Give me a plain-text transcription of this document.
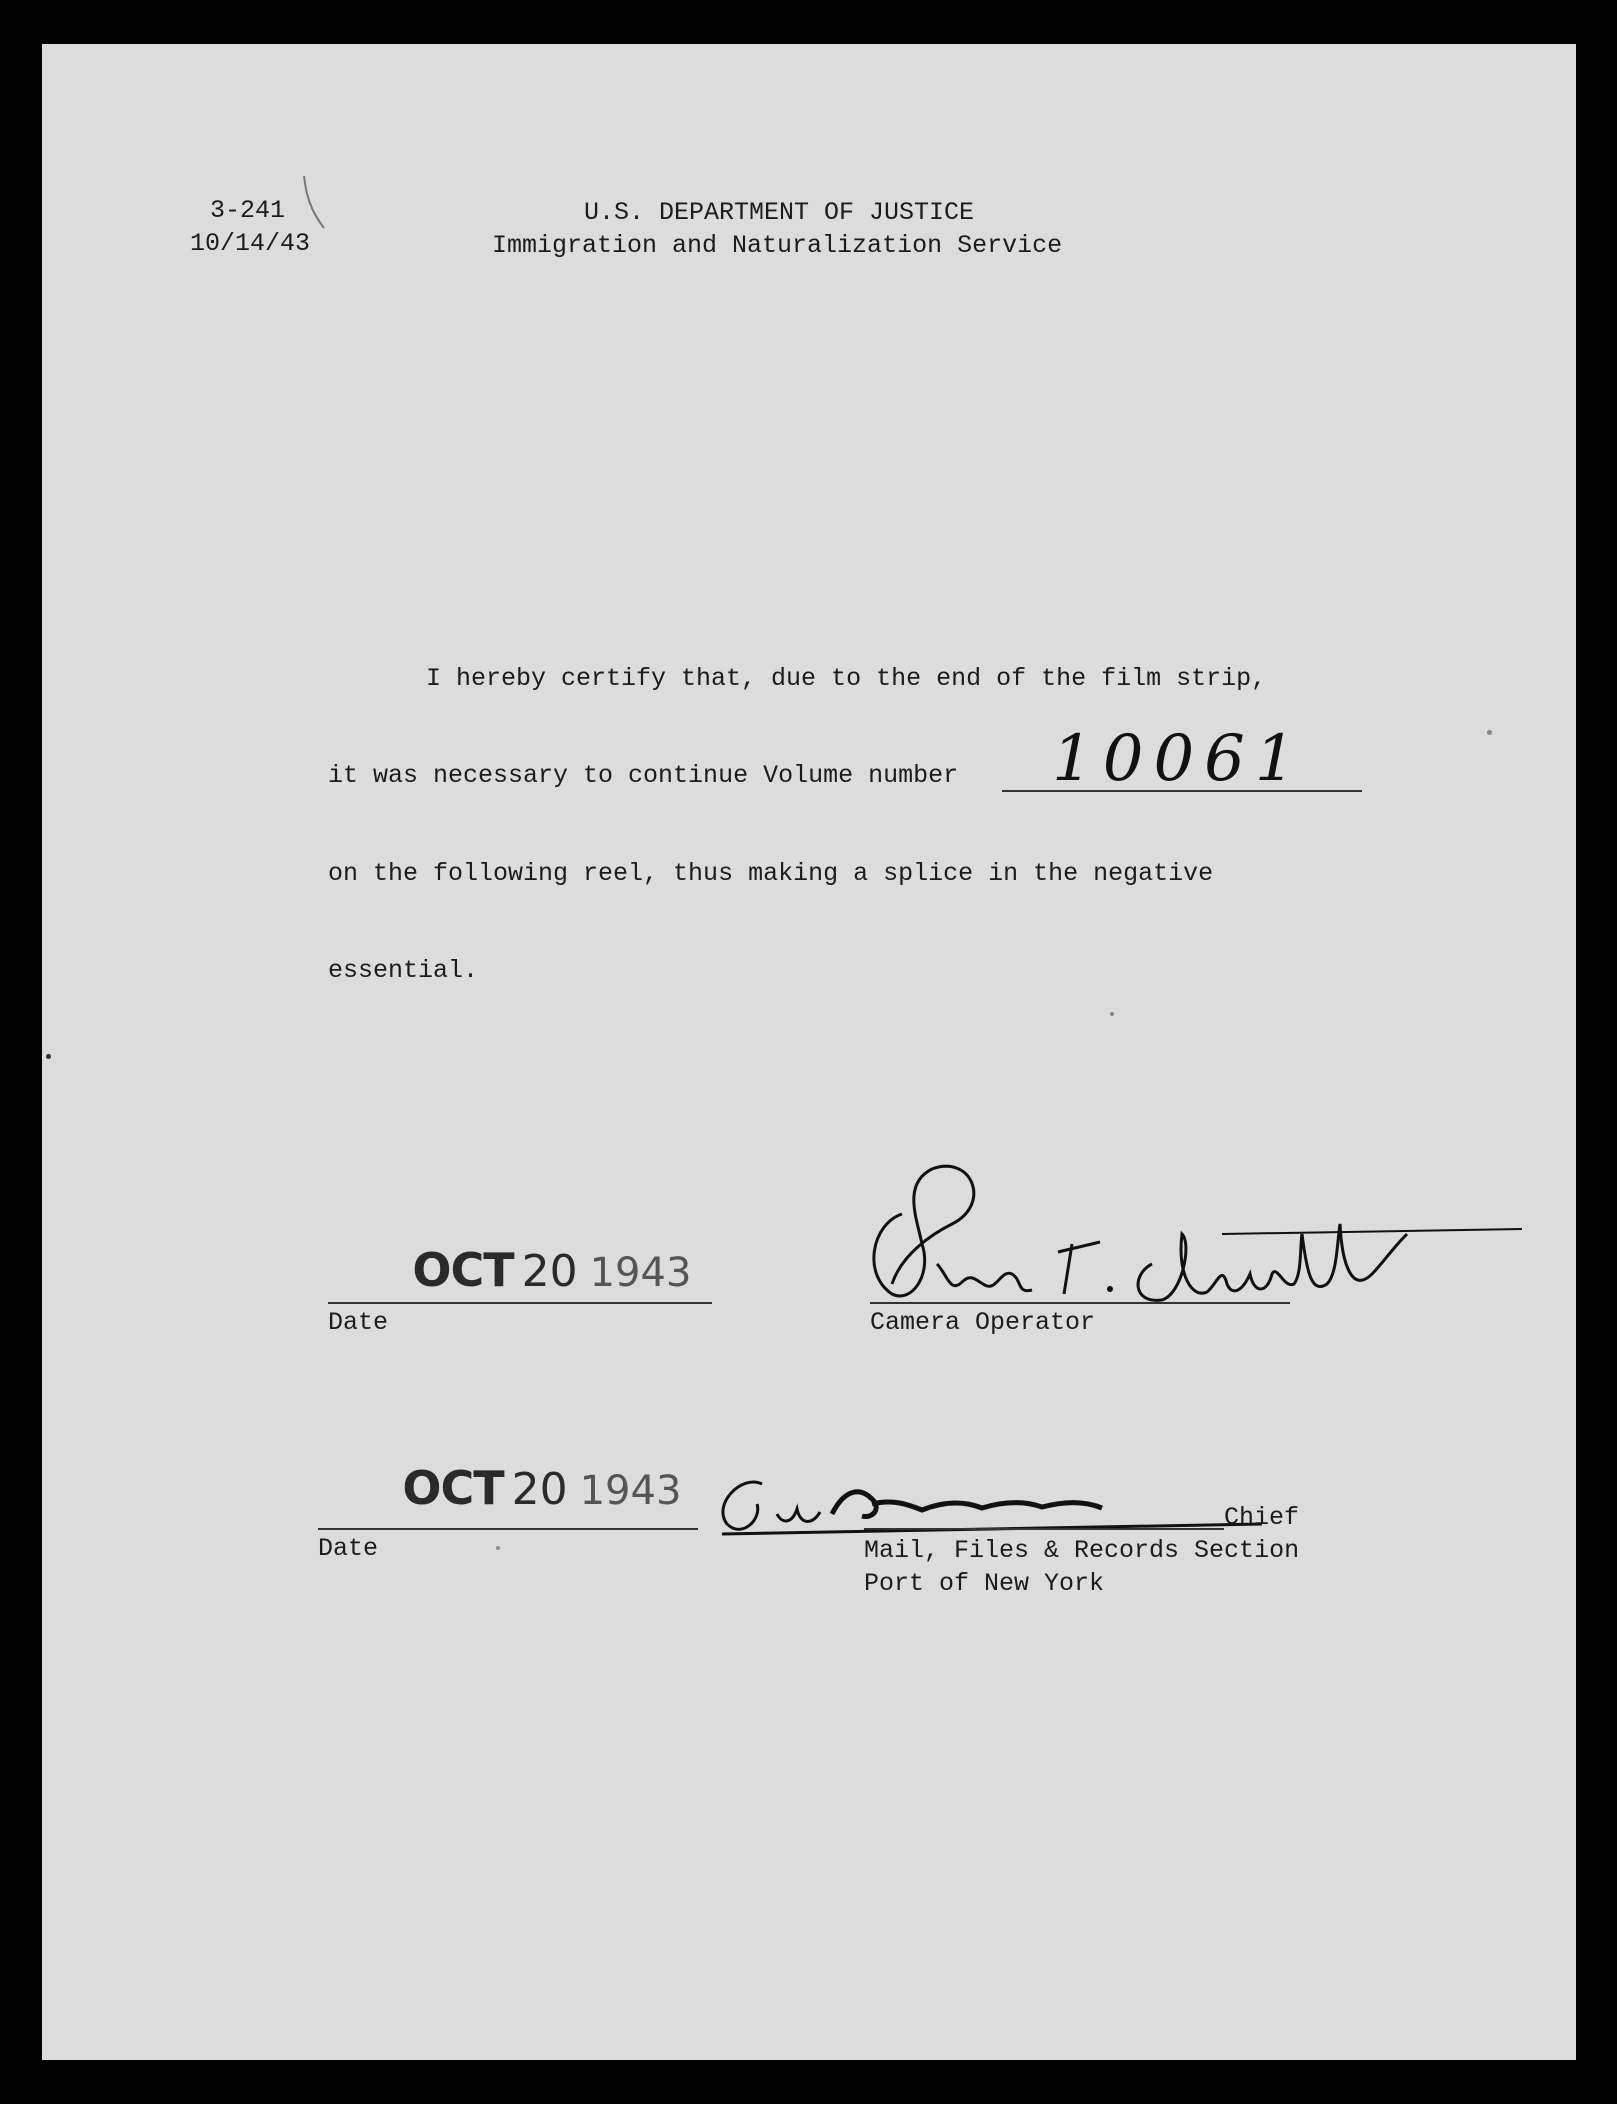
3-241
10/14/43
U.S. DEPARTMENT OF JUSTICE
Immigration and Naturalization Service
I hereby certify that, due to the end of the film strip,
it was necessary to continue Volume number 10061
on the following reel, thus making a splice in the negative
essential.

OCT 20 1943

Date	Camera Operator

OCT 20 1943

Date
Chief
Mail, Files & Records Section
Port of New York
